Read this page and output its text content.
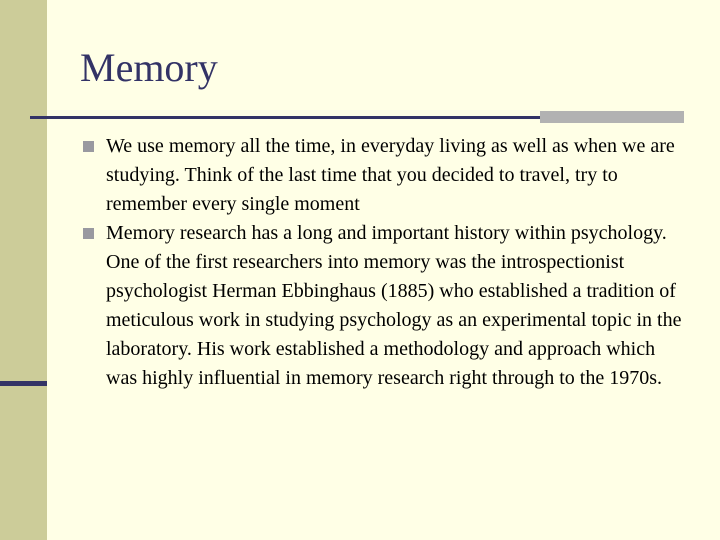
Memory
We use memory all the time, in everyday living as well as when we are studying. Think of the last time that you decided to travel, try to remember every single moment
Memory research has a long and important history within psychology. One of the first researchers into memory was the introspectionist psychologist Herman Ebbinghaus (1885) who established a tradition of meticulous work in studying psychology as an experimental topic in the laboratory. His work established a methodology and approach which was highly influential in memory research right through to the 1970s.
